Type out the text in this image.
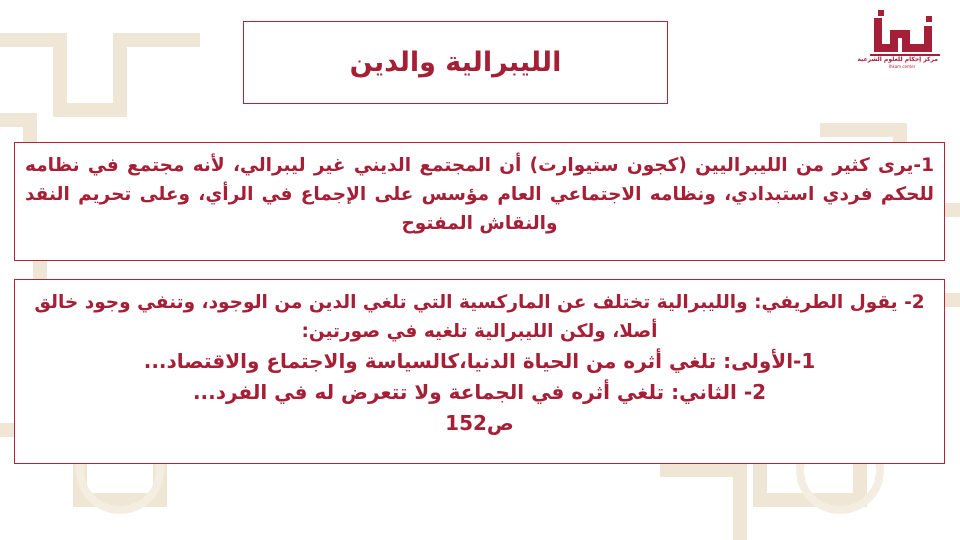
مركز إحكام للعلوم الشرعية
Ihkam center
الليبرالية والدين

1-يرى كثير من الليبراليين (كجون ستيوارت) أن المجتمع الديني غير ليبرالي، لأنه مجتمع في نظامه للحكم فردي استبدادي، ونظامه الاجتماعي العام مؤسس على الإجماع في الرأي، وعلى تحريم النقد والنقاش المفتوح

2- يقول الطريفي: والليبرالية تختلف عن الماركسية التي تلغي الدين من الوجود، وتنفي وجود خالق أصلا، ولكن الليبرالية تلغيه في صورتين:
1-الأولى: تلغي أثره من الحياة الدنيا،كالسياسة والاجتماع والاقتصاد...
2- الثاني: تلغي أثره في الجماعة ولا تتعرض له في الفرد...
ص152
